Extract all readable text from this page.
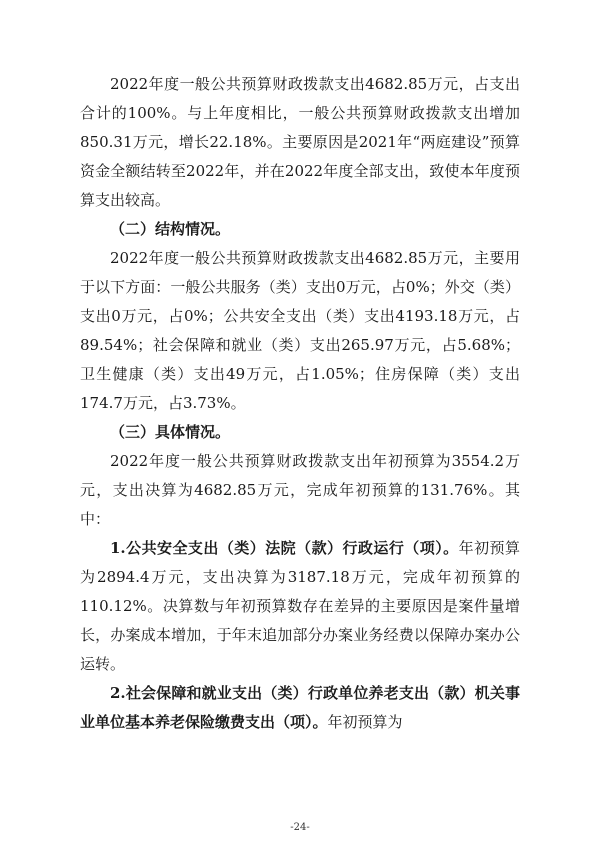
2022年度一般公共预算财政拨款支出4682.85万元，占支出合计的100%。与上年度相比，一般公共预算财政拨款支出增加850.31万元，增长22.18%。主要原因是2021年“两庭建设”预算资金全额结转至2022年，并在2022年度全部支出，致使本年度预算支出较高。

（二）结构情况。

2022年度一般公共预算财政拨款支出4682.85万元，主要用于以下方面：一般公共服务（类）支出0万元，占0%；外交（类）支出0万元，占0%；公共安全支出（类）支出4193.18万元，占89.54%；社会保障和就业（类）支出265.97万元，占5.68%；卫生健康（类）支出49万元，占1.05%；住房保障（类）支出174.7万元，占3.73%。

（三）具体情况。

2022年度一般公共预算财政拨款支出年初预算为3554.2万元，支出决算为4682.85万元，完成年初预算的131.76%。其中：

1.公共安全支出（类）法院（款）行政运行（项）。年初预算为2894.4万元，支出决算为3187.18万元，完成年初预算的110.12%。决算数与年初预算数存在差异的主要原因是案件量增长，办案成本增加，于年末追加部分办案业务经费以保障办案办公运转。

2.社会保障和就业支出（类）行政单位养老支出（款）机关事业单位基本养老保险缴费支出（项）。年初预算为

-24-
